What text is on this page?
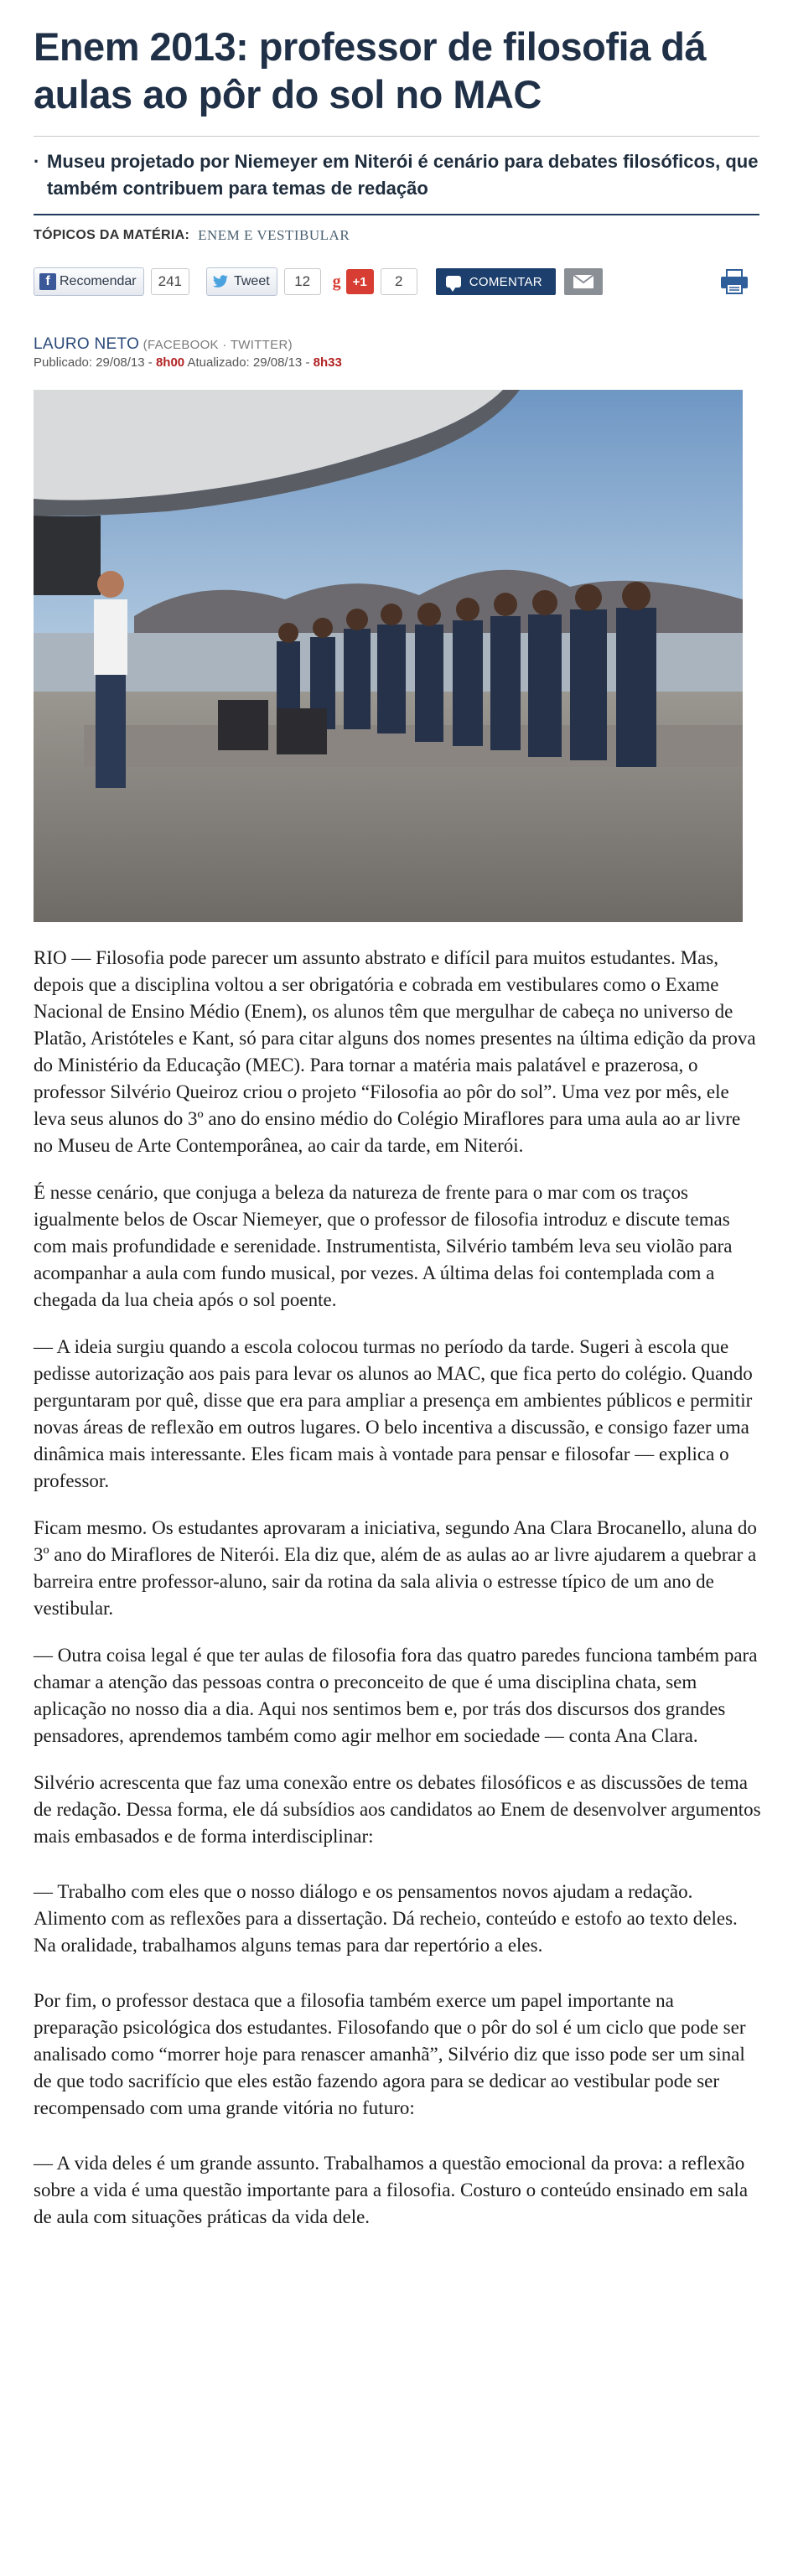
Enem 2013: professor de filosofia dá aulas ao pôr do sol no MAC
· Museu projetado por Niemeyer em Niterói é cenário para debates filosóficos, que também contribuem para temas de redação
TÓPICOS DA MATÉRIA: ENEM E VESTIBULAR
f Recomendar	241	Tweet	12	g +1	2	COMENTAR
LAURO NETO (FACEBOOK · TWITTER)
Publicado: 29/08/13 - 8h00 Atualizado: 29/08/13 - 8h33

RIO — Filosofia pode parecer um assunto abstrato e difícil para muitos estudantes. Mas, depois que a disciplina voltou a ser obrigatória e cobrada em vestibulares como o Exame Nacional de Ensino Médio (Enem), os alunos têm que mergulhar de cabeça no universo de Platão, Aristóteles e Kant, só para citar alguns dos nomes presentes na última edição da prova do Ministério da Educação (MEC). Para tornar a matéria mais palatável e prazerosa, o professor Silvério Queiroz criou o projeto “Filosofia ao pôr do sol”. Uma vez por mês, ele leva seus alunos do 3º ano do ensino médio do Colégio Miraflores para uma aula ao ar livre no Museu de Arte Contemporânea, ao cair da tarde, em Niterói.

É nesse cenário, que conjuga a beleza da natureza de frente para o mar com os traços igualmente belos de Oscar Niemeyer, que o professor de filosofia introduz e discute temas com mais profundidade e serenidade. Instrumentista, Silvério também leva seu violão para acompanhar a aula com fundo musical, por vezes. A última delas foi contemplada com a chegada da lua cheia após o sol poente.

— A ideia surgiu quando a escola colocou turmas no período da tarde. Sugeri à escola que pedisse autorização aos pais para levar os alunos ao MAC, que fica perto do colégio. Quando perguntaram por quê, disse que era para ampliar a presença em ambientes públicos e permitir novas áreas de reflexão em outros lugares. O belo incentiva a discussão, e consigo fazer uma dinâmica mais interessante. Eles ficam mais à vontade para pensar e filosofar — explica o professor.

Ficam mesmo. Os estudantes aprovaram a iniciativa, segundo Ana Clara Brocanello, aluna do 3º ano do Miraflores de Niterói. Ela diz que, além de as aulas ao ar livre ajudarem a quebrar a barreira entre professor-aluno, sair da rotina da sala alivia o estresse típico de um ano de vestibular.

— Outra coisa legal é que ter aulas de filosofia fora das quatro paredes funciona também para chamar a atenção das pessoas contra o preconceito de que é uma disciplina chata, sem aplicação no nosso dia a dia. Aqui nos sentimos bem e, por trás dos discursos dos grandes pensadores, aprendemos também como agir melhor em sociedade — conta Ana Clara.

Silvério acrescenta que faz uma conexão entre os debates filosóficos e as discussões de tema de redação. Dessa forma, ele dá subsídios aos candidatos ao Enem de desenvolver argumentos mais embasados e de forma interdisciplinar:

— Trabalho com eles que o nosso diálogo e os pensamentos novos ajudam a redação. Alimento com as reflexões para a dissertação. Dá recheio, conteúdo e estofo ao texto deles. Na oralidade, trabalhamos alguns temas para dar repertório a eles.

Por fim, o professor destaca que a filosofia também exerce um papel importante na preparação psicológica dos estudantes. Filosofando que o pôr do sol é um ciclo que pode ser analisado como “morrer hoje para renascer amanhã”, Silvério diz que isso pode ser um sinal de que todo sacrifício que eles estão fazendo agora para se dedicar ao vestibular pode ser recompensado com uma grande vitória no futuro:

— A vida deles é um grande assunto. Trabalhamos a questão emocional da prova: a reflexão sobre a vida é uma questão importante para a filosofia. Costuro o conteúdo ensinado em sala de aula com situações práticas da vida dele.
